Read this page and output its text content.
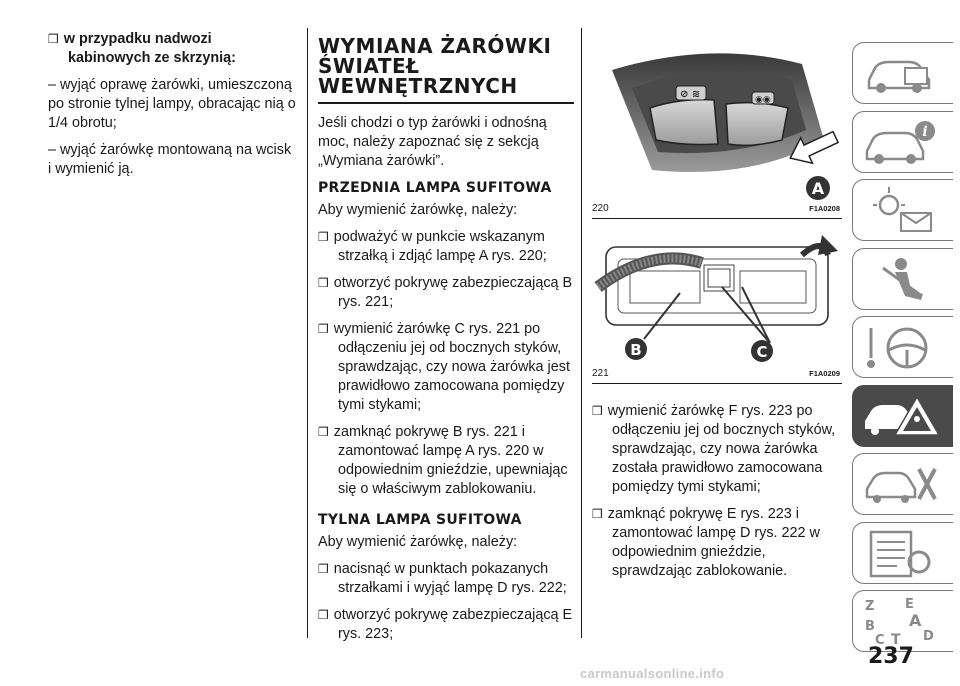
❒ w przypadku nadwozi kabinowych ze skrzynią:

– wyjąć oprawę żarówki, umieszczoną po stronie tylnej lampy, obracając nią o 1/4 obrotu;

– wyjąć żarówkę montowaną na wcisk i wymienić ją.

WYMIANA ŻARÓWKI ŚWIATEŁ WEWNĘTRZNYCH

Jeśli chodzi o typ żarówki i odnośną moc, należy zapoznać się z sekcją „Wymiana żarówki”.

PRZEDNIA LAMPA SUFITOWA

Aby wymienić żarówkę, należy:

❒ podważyć w punkcie wskazanym strzałką i zdjąć lampę A rys. 220;

❒ otworzyć pokrywę zabezpieczającą B rys. 221;

❒ wymienić żarówkę C rys. 221 po odłączeniu jej od bocznych styków, sprawdzając, czy nowa żarówka jest prawidłowo zamocowana pomiędzy tymi stykami;

❒ zamknąć pokrywę B rys. 221 i zamontować lampę A rys. 220 w odpowiednim gnieździe, upewniając się o właściwym zablokowaniu.

TYLNA LAMPA SUFITOWA

Aby wymienić żarówkę, należy:

❒ nacisnąć w punktach pokazanych strzałkami i wyjąć lampę D rys. 222;

❒ otworzyć pokrywę zabezpieczającą E rys. 223;

⊘ ≋	◉◉
A
220	F1A0208
B	C
221	F1A0209

❒ wymienić żarówkę F rys. 223 po odłączeniu jej od bocznych styków, sprawdzając, czy nowa żarówka została prawidłowo zamocowana pomiędzy tymi stykami;

❒ zamknąć pokrywę E rys. 223 i zamontować lampę D rys. 222 w odpowiednim gnieździe, sprawdzając zablokowanie.

i
Z E
A
B
C T D
237
carmanualsonline.info
